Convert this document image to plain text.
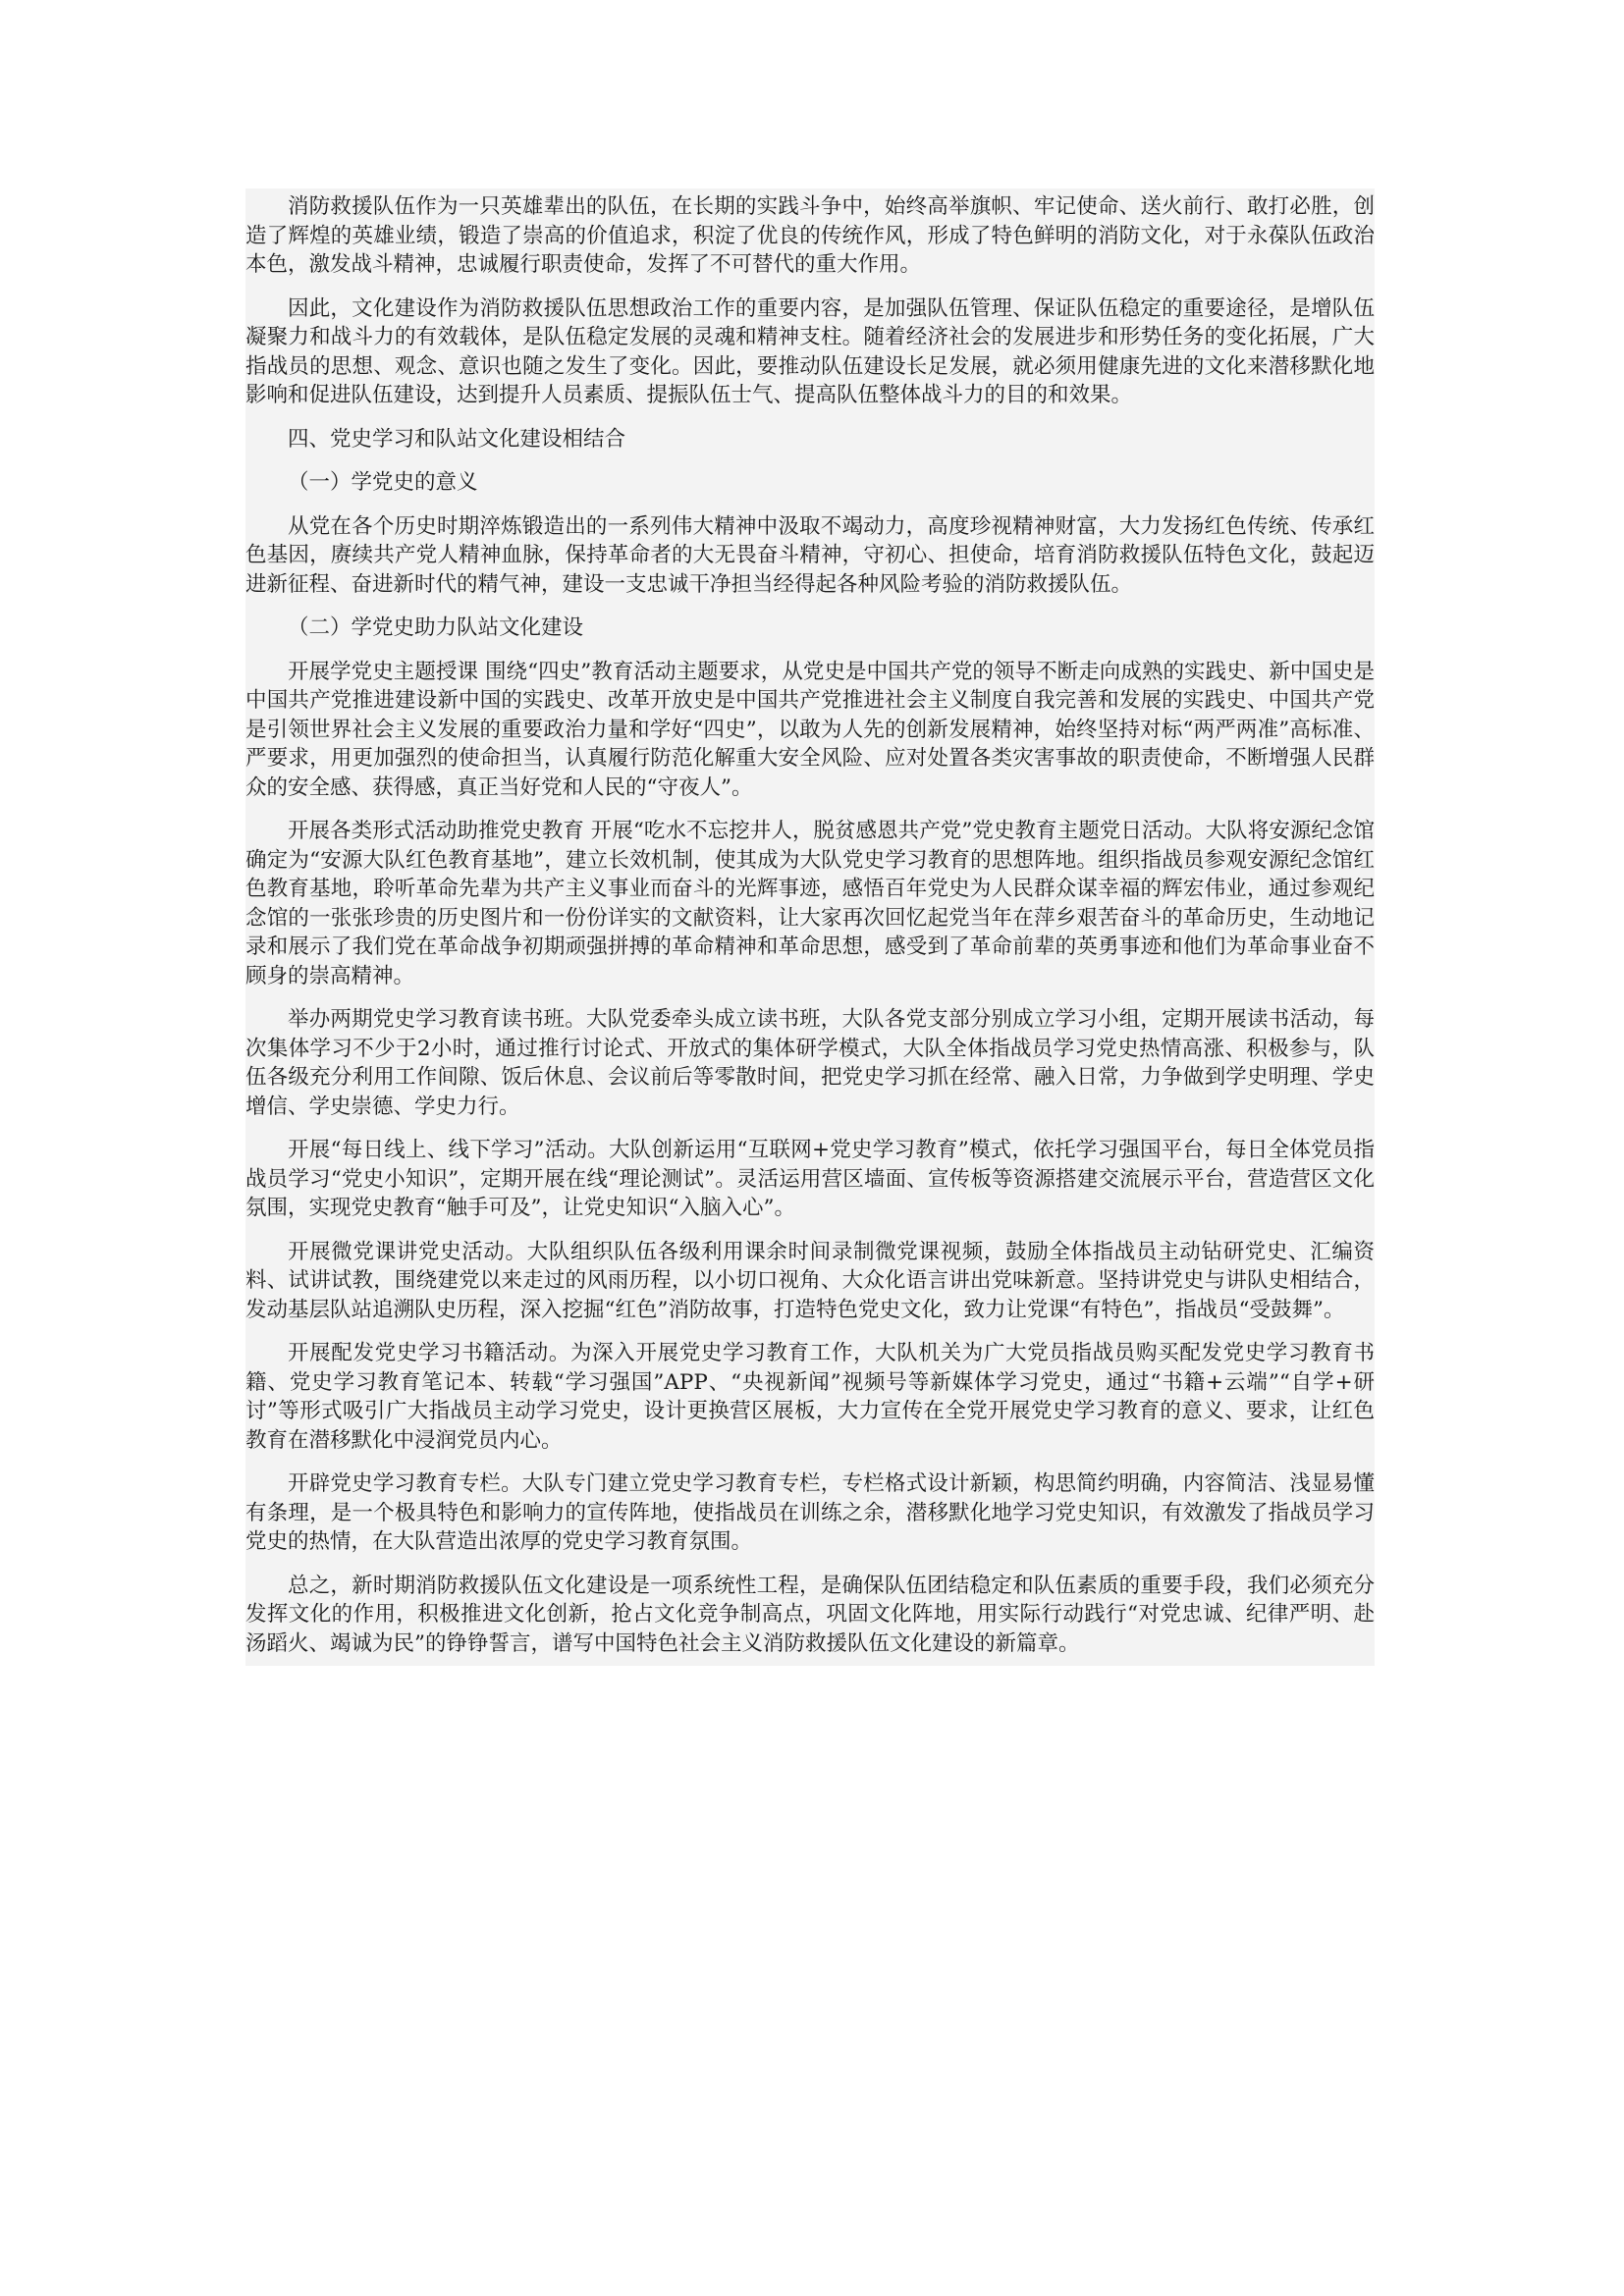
消防救援队伍作为一只英雄辈出的队伍，在长期的实践斗争中，始终高举旗帜、牢记使命、送火前行、敢打必胜，创造了辉煌的英雄业绩，锻造了崇高的价值追求，积淀了优良的传统作风，形成了特色鲜明的消防文化，对于永葆队伍政治本色，激发战斗精神，忠诚履行职责使命，发挥了不可替代的重大作用。

因此，文化建设作为消防救援队伍思想政治工作的重要内容，是加强队伍管理、保证队伍稳定的重要途径，是增队伍凝聚力和战斗力的有效载体，是队伍稳定发展的灵魂和精神支柱。随着经济社会的发展进步和形势任务的变化拓展，广大指战员的思想、观念、意识也随之发生了变化。因此，要推动队伍建设长足发展，就必须用健康先进的文化来潜移默化地影响和促进队伍建设，达到提升人员素质、提振队伍士气、提高队伍整体战斗力的目的和效果。

四、党史学习和队站文化建设相结合

（一）学党史的意义

从党在各个历史时期淬炼锻造出的一系列伟大精神中汲取不竭动力，高度珍视精神财富，大力发扬红色传统、传承红色基因，赓续共产党人精神血脉，保持革命者的大无畏奋斗精神，守初心、担使命，培育消防救援队伍特色文化，鼓起迈进新征程、奋进新时代的精气神，建设一支忠诚干净担当经得起各种风险考验的消防救援队伍。

（二）学党史助力队站文化建设

开展学党史主题授课 围绕“四史”教育活动主题要求，从党史是中国共产党的领导不断走向成熟的实践史、新中国史是中国共产党推进建设新中国的实践史、改革开放史是中国共产党推进社会主义制度自我完善和发展的实践史、中国共产党是引领世界社会主义发展的重要政治力量和学好“四史”，以敢为人先的创新发展精神，始终坚持对标“两严两准”高标准、严要求，用更加强烈的使命担当，认真履行防范化解重大安全风险、应对处置各类灾害事故的职责使命，不断增强人民群众的安全感、获得感，真正当好党和人民的“守夜人”。

开展各类形式活动助推党史教育 开展“吃水不忘挖井人，脱贫感恩共产党”党史教育主题党日活动。大队将安源纪念馆确定为“安源大队红色教育基地”，建立长效机制，使其成为大队党史学习教育的思想阵地。组织指战员参观安源纪念馆红色教育基地，聆听革命先辈为共产主义事业而奋斗的光辉事迹，感悟百年党史为人民群众谋幸福的辉宏伟业，通过参观纪念馆的一张张珍贵的历史图片和一份份详实的文献资料，让大家再次回忆起党当年在萍乡艰苦奋斗的革命历史，生动地记录和展示了我们党在革命战争初期顽强拼搏的革命精神和革命思想，感受到了革命前辈的英勇事迹和他们为革命事业奋不顾身的崇高精神。

举办两期党史学习教育读书班。大队党委牵头成立读书班，大队各党支部分别成立学习小组，定期开展读书活动，每次集体学习不少于2小时，通过推行讨论式、开放式的集体研学模式，大队全体指战员学习党史热情高涨、积极参与，队伍各级充分利用工作间隙、饭后休息、会议前后等零散时间，把党史学习抓在经常、融入日常，力争做到学史明理、学史增信、学史崇德、学史力行。

开展“每日线上、线下学习”活动。大队创新运用“互联网+党史学习教育”模式，依托学习强国平台，每日全体党员指战员学习“党史小知识”，定期开展在线“理论测试”。灵活运用营区墙面、宣传板等资源搭建交流展示平台，营造营区文化氛围，实现党史教育“触手可及”，让党史知识“入脑入心”。

开展微党课讲党史活动。大队组织队伍各级利用课余时间录制微党课视频，鼓励全体指战员主动钻研党史、汇编资料、试讲试教，围绕建党以来走过的风雨历程，以小切口视角、大众化语言讲出党味新意。坚持讲党史与讲队史相结合，发动基层队站追溯队史历程，深入挖掘“红色”消防故事，打造特色党史文化，致力让党课“有特色”，指战员“受鼓舞”。

开展配发党史学习书籍活动。为深入开展党史学习教育工作，大队机关为广大党员指战员购买配发党史学习教育书籍、党史学习教育笔记本、转载“学习强国”APP、“央视新闻”视频号等新媒体学习党史，通过“书籍+云端”“自学+研讨”等形式吸引广大指战员主动学习党史，设计更换营区展板，大力宣传在全党开展党史学习教育的意义、要求，让红色教育在潜移默化中浸润党员内心。

开辟党史学习教育专栏。大队专门建立党史学习教育专栏，专栏格式设计新颖，构思简约明确，内容简洁、浅显易懂有条理，是一个极具特色和影响力的宣传阵地，使指战员在训练之余，潜移默化地学习党史知识，有效激发了指战员学习党史的热情，在大队营造出浓厚的党史学习教育氛围。

总之，新时期消防救援队伍文化建设是一项系统性工程，是确保队伍团结稳定和队伍素质的重要手段，我们必须充分发挥文化的作用，积极推进文化创新，抢占文化竞争制高点，巩固文化阵地，用实际行动践行“对党忠诚、纪律严明、赴汤蹈火、竭诚为民”的铮铮誓言，谱写中国特色社会主义消防救援队伍文化建设的新篇章。
